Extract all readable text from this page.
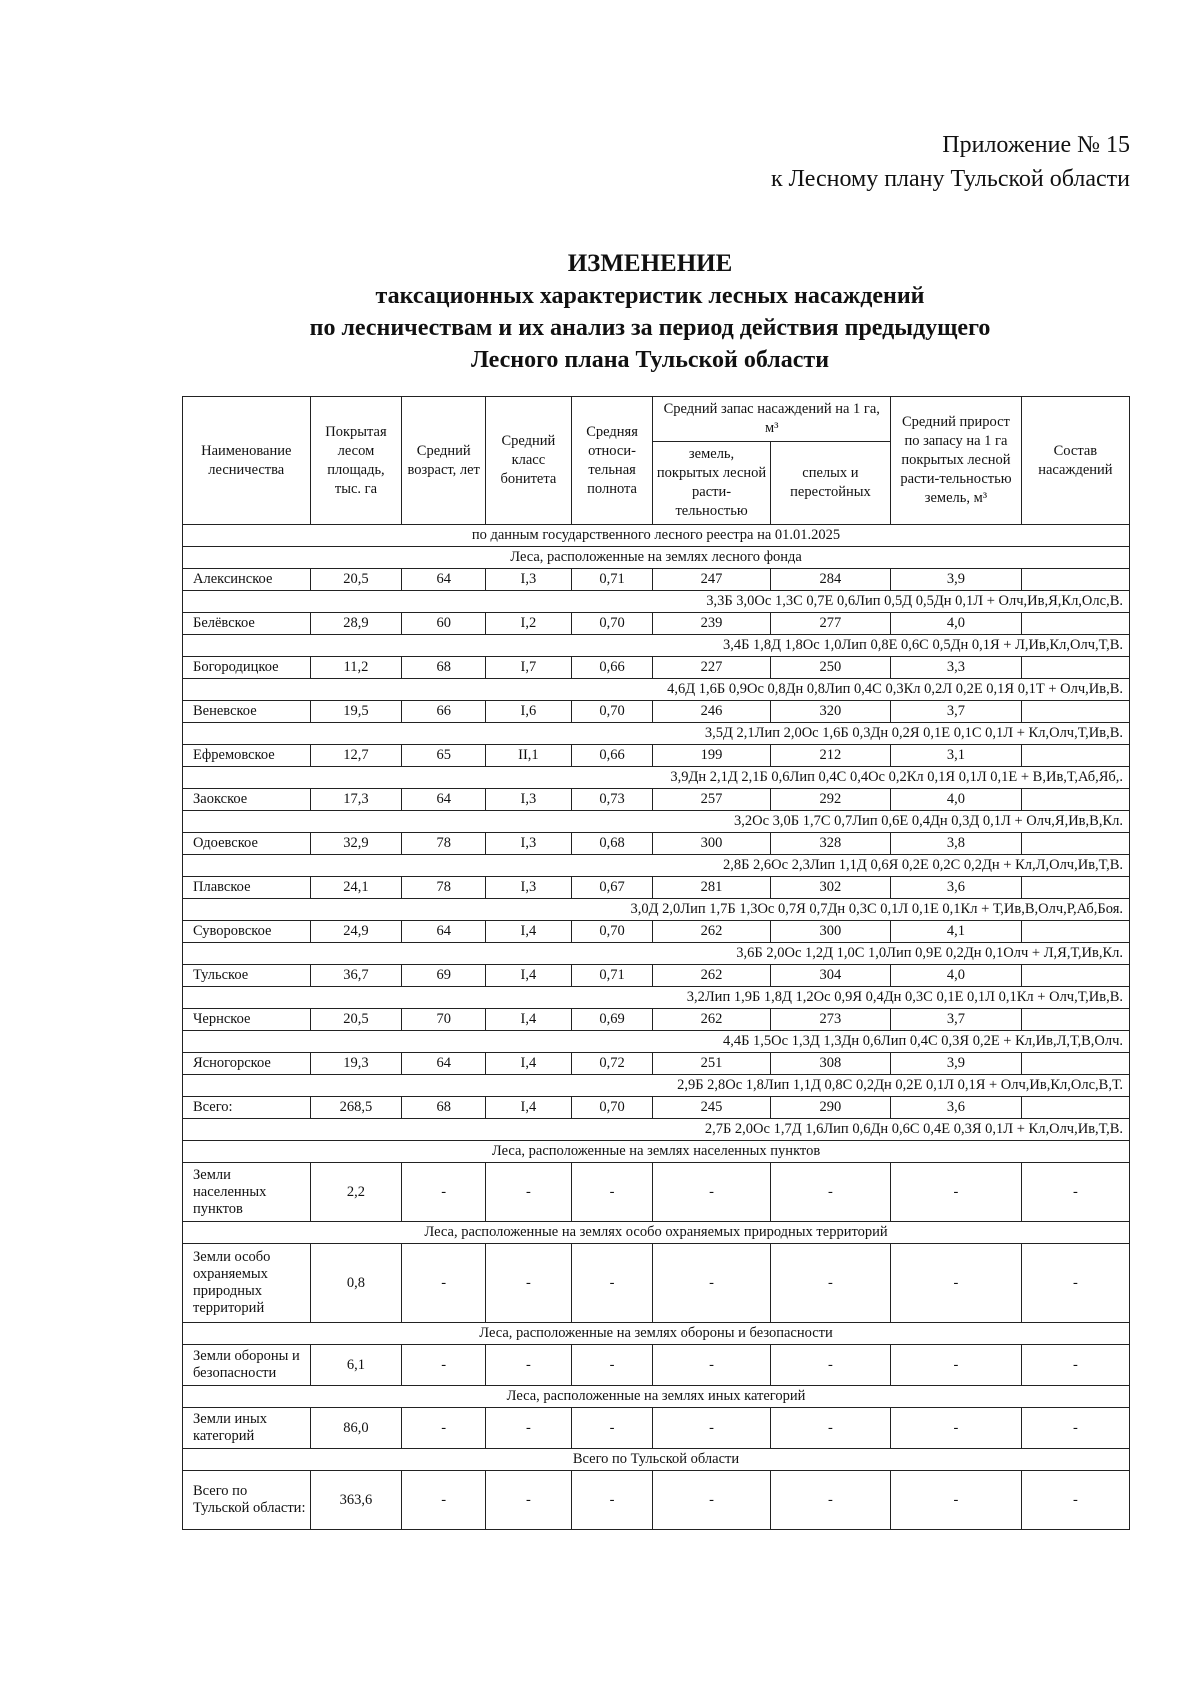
Приложение № 15
к Лесному плану Тульской области
ИЗМЕНЕНИЕ
таксационных характеристик лесных насаждений
по лесничествам и их анализ за период действия предыдущего
Лесного плана Тульской области
Наименование лесничества	Покрытая лесом площадь, тыс. га	Средний возраст, лет	Средний класс бонитета	Средняя относи-тельная полнота	Средний запас насаждений на 1 га, м³		Средний прирост по запасу на 1 га покрытых лесной расти-тельностью земель, м³	Состав насаждений
					земель, покрытых лесной расти-тельностью	спелых и перестойных		
по данным государственного лесного реестра на 01.01.2025								
Леса, расположенные на землях лесного фонда								
Алексинское	20,5	64	I,3	0,71	247	284	3,9	
3,3Б 3,0Ос 1,3С 0,7Е 0,6Лип 0,5Д 0,5Дн 0,1Л + Олч,Ив,Я,Кл,Олс,В.								
Белёвское	28,9	60	I,2	0,70	239	277	4,0	
3,4Б 1,8Д 1,8Ос 1,0Лип 0,8Е 0,6С 0,5Дн 0,1Я + Л,Ив,Кл,Олч,Т,В.								
Богородицкое	11,2	68	I,7	0,66	227	250	3,3	
4,6Д 1,6Б 0,9Ос 0,8Дн 0,8Лип 0,4С 0,3Кл 0,2Л 0,2Е 0,1Я 0,1Т + Олч,Ив,В.								
Веневское	19,5	66	I,6	0,70	246	320	3,7	
3,5Д 2,1Лип 2,0Ос 1,6Б 0,3Дн 0,2Я 0,1Е 0,1С 0,1Л + Кл,Олч,Т,Ив,В.								
Ефремовское	12,7	65	II,1	0,66	199	212	3,1	
3,9Дн 2,1Д 2,1Б 0,6Лип 0,4С 0,4Ос 0,2Кл 0,1Я 0,1Л 0,1Е + В,Ив,Т,Аб,Яб,.								
Заокское	17,3	64	I,3	0,73	257	292	4,0	
3,2Ос 3,0Б 1,7С 0,7Лип 0,6Е 0,4Дн 0,3Д 0,1Л + Олч,Я,Ив,В,Кл.								
Одоевское	32,9	78	I,3	0,68	300	328	3,8	
2,8Б 2,6Ос 2,3Лип 1,1Д 0,6Я 0,2Е 0,2С 0,2Дн + Кл,Л,Олч,Ив,Т,В.								
Плавское	24,1	78	I,3	0,67	281	302	3,6	
3,0Д 2,0Лип 1,7Б 1,3Ос 0,7Я 0,7Дн 0,3С 0,1Л 0,1Е 0,1Кл + Т,Ив,В,Олч,Р,Аб,Боя.								
Суворовское	24,9	64	I,4	0,70	262	300	4,1	
3,6Б 2,0Ос 1,2Д 1,0С 1,0Лип 0,9Е 0,2Дн 0,1Олч + Л,Я,Т,Ив,Кл.								
Тульское	36,7	69	I,4	0,71	262	304	4,0	
3,2Лип 1,9Б 1,8Д 1,2Ос 0,9Я 0,4Дн 0,3С 0,1Е 0,1Л 0,1Кл + Олч,Т,Ив,В.								
Чернское	20,5	70	I,4	0,69	262	273	3,7	
4,4Б 1,5Ос 1,3Д 1,3Дн 0,6Лип 0,4С 0,3Я 0,2Е + Кл,Ив,Л,Т,В,Олч.								
Ясногорское	19,3	64	I,4	0,72	251	308	3,9	
2,9Б 2,8Ос 1,8Лип 1,1Д 0,8С 0,2Дн 0,2Е 0,1Л 0,1Я + Олч,Ив,Кл,Олс,В,Т.								
Всего:	268,5	68	I,4	0,70	245	290	3,6	
2,7Б 2,0Ос 1,7Д 1,6Лип 0,6Дн 0,6С 0,4Е 0,3Я 0,1Л + Кл,Олч,Ив,Т,В.								
Леса, расположенные на землях населенных пунктов								
Земли населенных пунктов	2,2	-	-	-	-	-	-	-
Леса, расположенные на землях особо охраняемых природных территорий								
Земли особо охраняемых природных территорий	0,8	-	-	-	-	-	-	-
Леса, расположенные на землях обороны и безопасности								
Земли обороны и безопасности	6,1	-	-	-	-	-	-	-
Леса, расположенные на землях иных категорий								
Земли иных категорий	86,0	-	-	-	-	-	-	-
Всего по Тульской области								
Всего по Тульской области:	363,6	-	-	-	-	-	-	-
